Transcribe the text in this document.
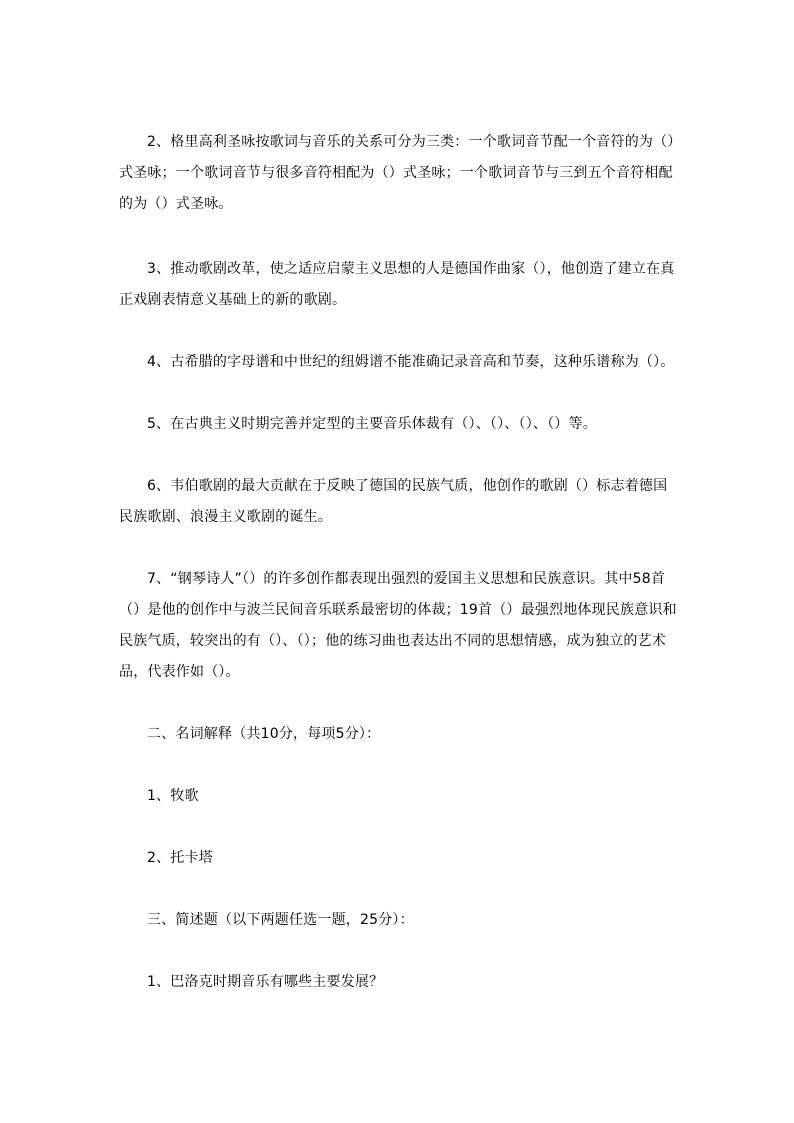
2、格里高利圣咏按歌词与音乐的关系可分为三类：一个歌词音节配一个音符的为（）式圣咏；一个歌词音节与很多音符相配为（）式圣咏；一个歌词音节与三到五个音符相配的为（）式圣咏。

3、推动歌剧改革，使之适应启蒙主义思想的人是德国作曲家（），他创造了建立在真正戏剧表情意义基础上的新的歌剧。

4、古希腊的字母谱和中世纪的纽姆谱不能准确记录音高和节奏，这种乐谱称为（）。

5、在古典主义时期完善并定型的主要音乐体裁有（）、（）、（）、（）等。

6、韦伯歌剧的最大贡献在于反映了德国的民族气质，他创作的歌剧（）标志着德国民族歌剧、浪漫主义歌剧的诞生。

7、“钢琴诗人”（）的许多创作都表现出强烈的爱国主义思想和民族意识。其中58首（）是他的创作中与波兰民间音乐联系最密切的体裁；19首（）最强烈地体现民族意识和民族气质，较突出的有（）、（）；他的练习曲也表达出不同的思想情感，成为独立的艺术品，代表作如（）。

二、名词解释（共10分，每项5分）：

1、牧歌

2、托卡塔

三、简述题（以下两题任选一题，25分）：

1、巴洛克时期音乐有哪些主要发展？
